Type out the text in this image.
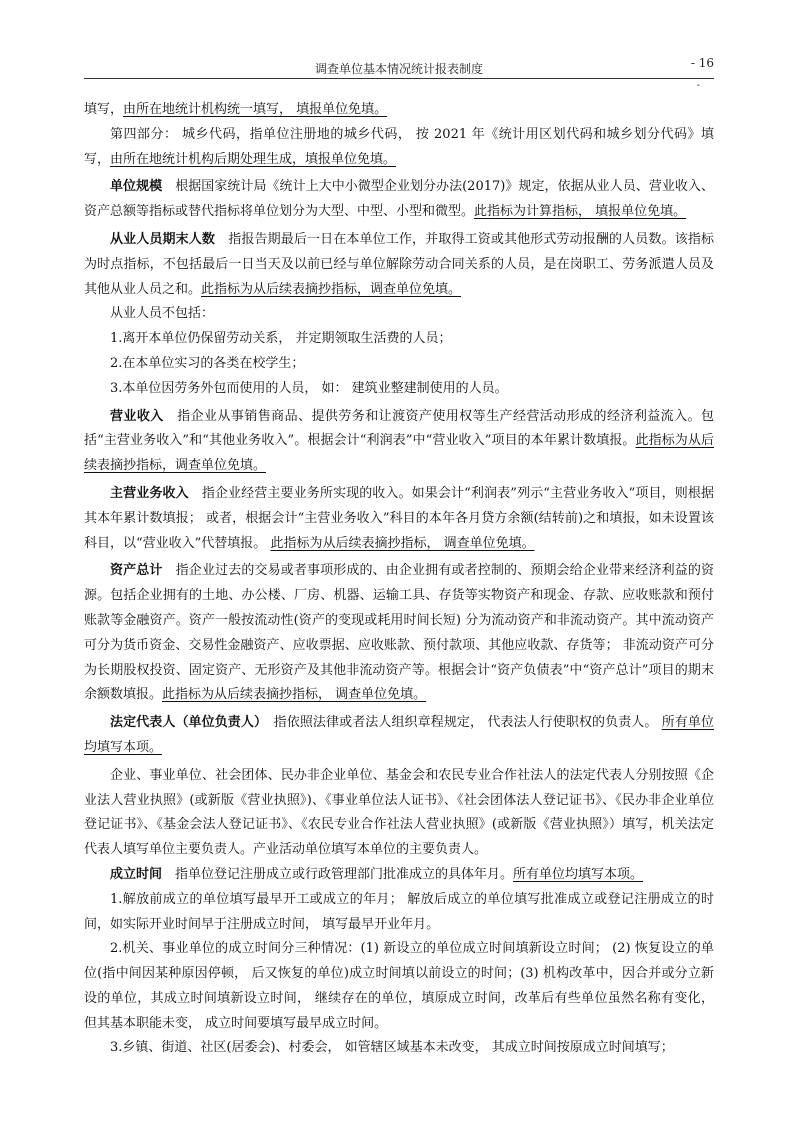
调查单位基本情况统计报表制度	- 16
-

填写，由所在地统计机构统一填写， 填报单位免填。

第四部分： 城乡代码，指单位注册地的城乡代码， 按 2021 年《统计用区划代码和城乡划分代码》填写，由所在地统计机构后期处理生成，填报单位免填。

单位规模　根据国家统计局《统计上大中小微型企业划分办法(2017)》规定，依据从业人员、营业收入、资产总额等指标或替代指标将单位划分为大型、中型、小型和微型。此指标为计算指标， 填报单位免填。

从业人员期末人数　指报告期最后一日在本单位工作，并取得工资或其他形式劳动报酬的人员数。该指标为时点指标，不包括最后一日当天及以前已经与单位解除劳动合同关系的人员，是在岗职工、劳务派遣人员及其他从业人员之和。此指标为从后续表摘抄指标，调查单位免填。

从业人员不包括：

1.离开本单位仍保留劳动关系， 并定期领取生活费的人员；

2.在本单位实习的各类在校学生；

3.本单位因劳务外包而使用的人员， 如： 建筑业整建制使用的人员。

营业收入　指企业从事销售商品、提供劳务和让渡资产使用权等生产经营活动形成的经济利益流入。包括“主营业务收入”和“其他业务收入”。根据会计“利润表”中“营业收入”项目的本年累计数填报。此指标为从后续表摘抄指标，调查单位免填。

主营业务收入　指企业经营主要业务所实现的收入。如果会计“利润表”列示“主营业务收入”项目，则根据其本年累计数填报； 或者，根据会计“主营业务收入”科目的本年各月贷方余额(结转前)之和填报，如未设置该科目，以“营业收入”代替填报。 此指标为从后续表摘抄指标， 调查单位免填。

资产总计　指企业过去的交易或者事项形成的、由企业拥有或者控制的、预期会给企业带来经济利益的资源。包括企业拥有的土地、办公楼、厂房、机器、运输工具、存货等实物资产和现金、存款、应收账款和预付账款等金融资产。资产一般按流动性(资产的变现或耗用时间长短) 分为流动资产和非流动资产。其中流动资产可分为货币资金、交易性金融资产、应收票据、应收账款、预付款项、其他应收款、存货等； 非流动资产可分为长期股权投资、固定资产、无形资产及其他非流动资产等。根据会计“资产负债表”中“资产总计”项目的期末余额数填报。此指标为从后续表摘抄指标， 调查单位免填。

法定代表人（单位负责人）　指依照法律或者法人组织章程规定， 代表法人行使职权的负责人。 所有单位均填写本项。

企业、事业单位、社会团体、民办非企业单位、基金会和农民专业合作社法人的法定代表人分别按照《企业法人营业执照》(或新版《营业执照》)、《事业单位法人证书》、《社会团体法人登记证书》、《民办非企业单位登记证书》、《基金会法人登记证书》、《农民专业合作社法人营业执照》(或新版《营业执照》）填写，机关法定代表人填写单位主要负责人。产业活动单位填写本单位的主要负责人。

成立时间　指单位登记注册成立或行政管理部门批准成立的具体年月。所有单位均填写本项。

1.解放前成立的单位填写最早开工或成立的年月； 解放后成立的单位填写批准成立或登记注册成立的时间，如实际开业时间早于注册成立时间， 填写最早开业年月。

2.机关、事业单位的成立时间分三种情况：(1) 新设立的单位成立时间填新设立时间； (2) 恢复设立的单位(指中间因某种原因停顿， 后又恢复的单位)成立时间填以前设立的时间；(3) 机构改革中，因合并或分立新设的单位，其成立时间填新设立时间， 继续存在的单位，填原成立时间，改革后有些单位虽然名称有变化， 但其基本职能未变， 成立时间要填写最早成立时间。

3.乡镇、街道、社区(居委会)、村委会， 如管辖区域基本未改变， 其成立时间按原成立时间填写；
